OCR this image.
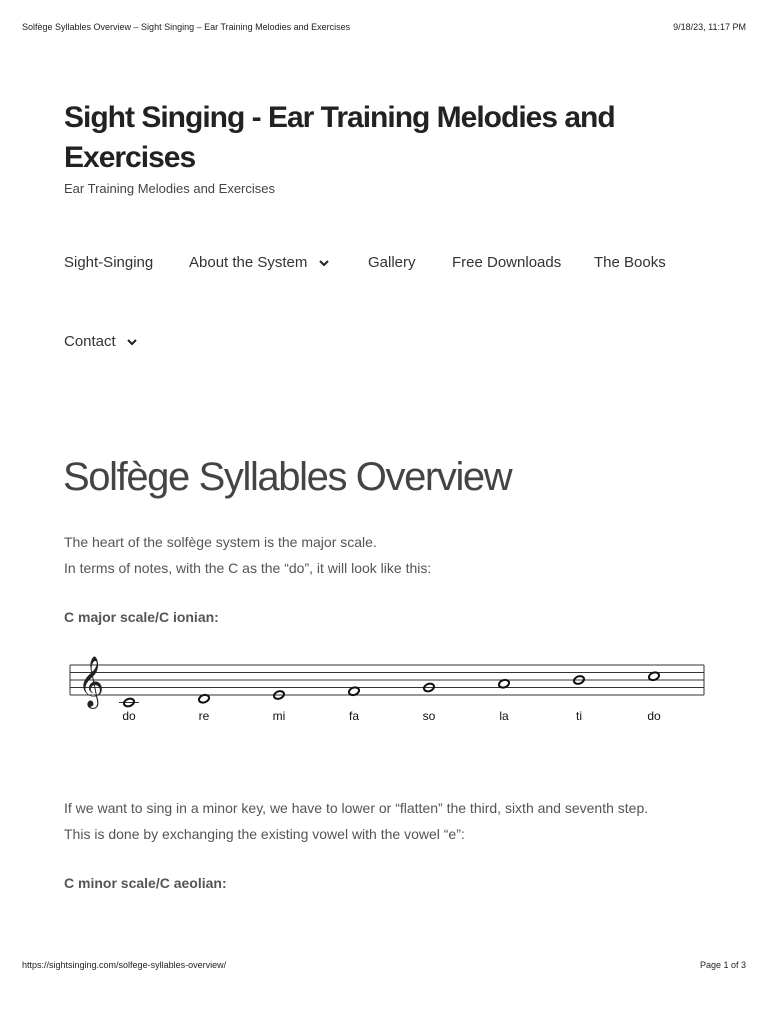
Solfège Syllables Overview – Sight Singing – Ear Training Melodies and Exercises	9/18/23, 11:17 PM
Sight Singing - Ear Training Melodies and Exercises

Ear Training Melodies and Exercises

Sight-Singing About the System	Gallery Free Downloads The Books
Contact
Solfège Syllables Overview
The heart of the solfège system is the major scale.
In terms of notes, with the C as the “do”, it will look like this:

C major scale/C ionian:

𝄞
do	re	mi	fa	so	la	ti	do
If we want to sing in a minor key, we have to lower or “flatten” the third, sixth and seventh step.
This is done by exchanging the existing vowel with the vowel “e”:

C minor scale/C aeolian:

https://sightsinging.com/solfege-syllables-overview/	Page 1 of 3
